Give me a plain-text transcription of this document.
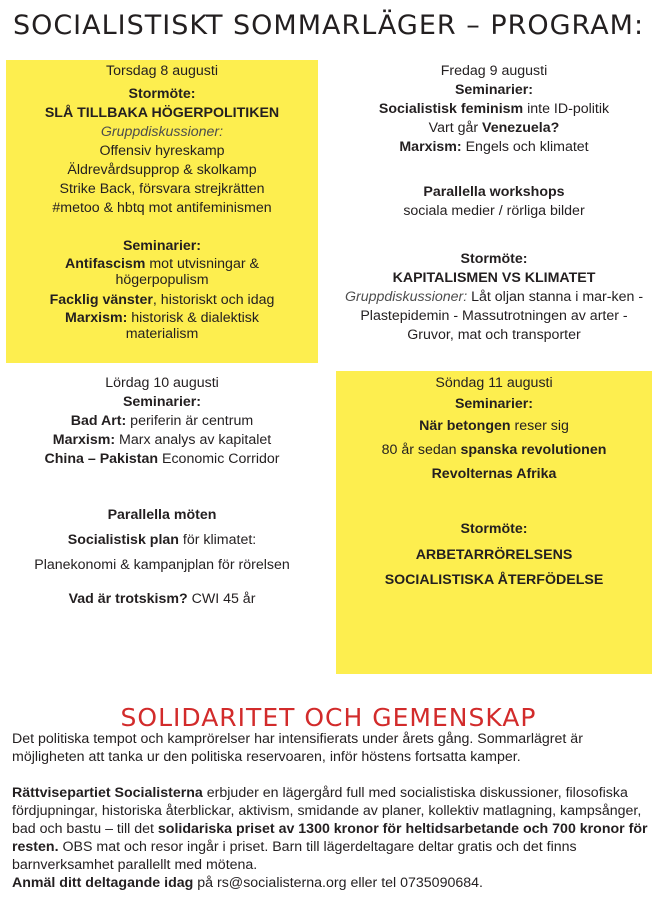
SOCIALISTISKT SOMMARLÄGER – PROGRAM:
Torsdag 8 augusti
Stormöte:
SLÅ TILLBAKA HÖGERPOLITIKEN
Gruppdiskussioner:
Offensiv hyreskamp
Äldrevårdsupprop & skolkamp
Strike Back, försvara strejkrätten
#metoo & hbtq mot antifeminismen
Seminarier:
Antifascism mot utvisningar & högerpopulism
Facklig vänster, historiskt och idag
Marxism: historisk & dialektisk materialism
Fredag 9 augusti
Seminarier:
Socialistisk feminism inte ID-politik
Vart går Venezuela?
Marxism: Engels och klimatet
Parallella workshops
sociala medier / rörliga bilder
Stormöte:
KAPITALISMEN VS KLIMATET
Gruppdiskussioner: Låt oljan stanna i mar-ken - Plastepidemin - Massutrotningen av arter - Gruvor, mat och transporter
Lördag 10 augusti
Seminarier:
Bad Art: periferin är centrum
Marxism: Marx analys av kapitalet
China – Pakistan Economic Corridor
Parallella möten
Socialistisk plan för klimatet:
Planekonomi & kampanjplan för rörelsen
Vad är trotskism? CWI 45 år
Söndag 11 augusti
Seminarier:
När betongen reser sig
80 år sedan spanska revolutionen
Revolternas Afrika
Stormöte:
ARBETARRÖRELSENS
SOCIALISTISKA ÅTERFÖDELSE
SOLIDARITET OCH GEMENSKAP

Det politiska tempot och kamprörelser har intensifierats under årets gång. Sommarlägret är möjligheten att tanka ur den politiska reservoaren, inför höstens fortsatta kamper.

Rättvisepartiet Socialisterna erbjuder en lägergård full med socialistiska diskussioner, filosofiska fördjupningar, historiska återblickar, aktivism, smidande av planer, kollektiv matlagning, kampsånger, bad och bastu – till det solidariska priset av 1300 kronor för heltidsarbetande och 700 kronor för resten. OBS mat och resor ingår i priset. Barn till lägerdeltagare deltar gratis och det finns barnverksamhet parallellt med mötena.

Anmäl ditt deltagande idag på rs@socialisterna.org eller tel 0735090684.
